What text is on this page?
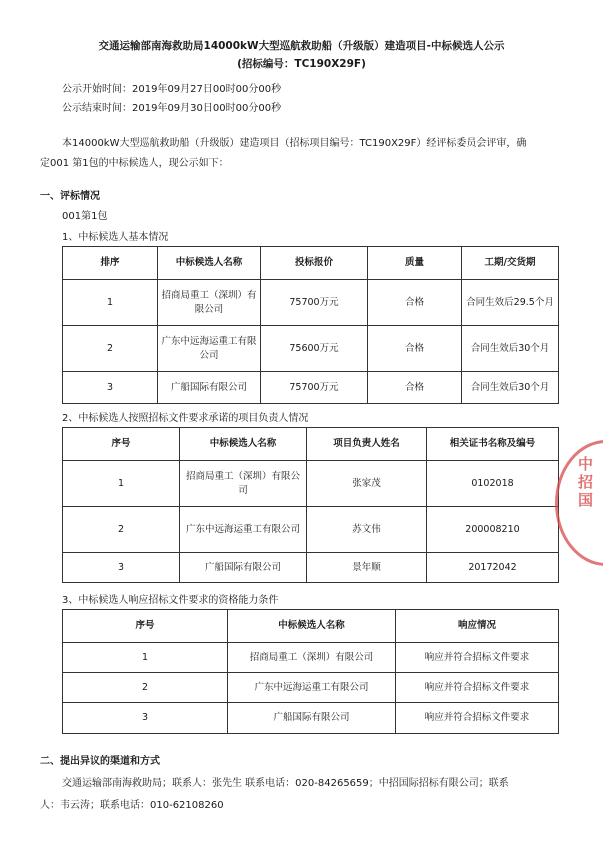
交通运输部南海救助局14000kW大型巡航救助船（升级版）建造项目-中标候选人公示
(招标编号：TC190X29F)
公示开始时间：2019年09月27日00时00分00秒
公示结束时间：2019年09月30日00时00分00秒
本14000kW大型巡航救助船（升级版）建造项目（招标项目编号：TC190X29F）经评标委员会评审，确
定001 第1包的中标候选人，现公示如下：
一、评标情况
001第1包
1、中标候选人基本情况
排序	中标候选人名称	投标报价	质量	工期/交货期
1	招商局重工（深圳）有限公司	75700万元	合格	合同生效后29.5个月
2	广东中远海运重工有限公司	75600万元	合格	合同生效后30个月
3	广船国际有限公司	75700万元	合格	合同生效后30个月
2、中标候选人按照招标文件要求承诺的项目负责人情况
序号	中标候选人名称	项目负责人姓名	相关证书名称及编号
1	招商局重工（深圳）有限公司	张家茂	0102018
2	广东中远海运重工有限公司	苏文伟	200008210
3	广船国际有限公司	景年顺	20172042
3、中标候选人响应招标文件要求的资格能力条件
序号	中标候选人名称	响应情况
1	招商局重工（深圳）有限公司	响应并符合招标文件要求
2	广东中远海运重工有限公司	响应并符合招标文件要求
3	广船国际有限公司	响应并符合招标文件要求
二、提出异议的渠道和方式
交通运输部南海救助局；联系人：张先生 联系电话：020-84265659；中招国际招标有限公司；联系
人：韦云涛；联系电话：010-62108260
中招国
